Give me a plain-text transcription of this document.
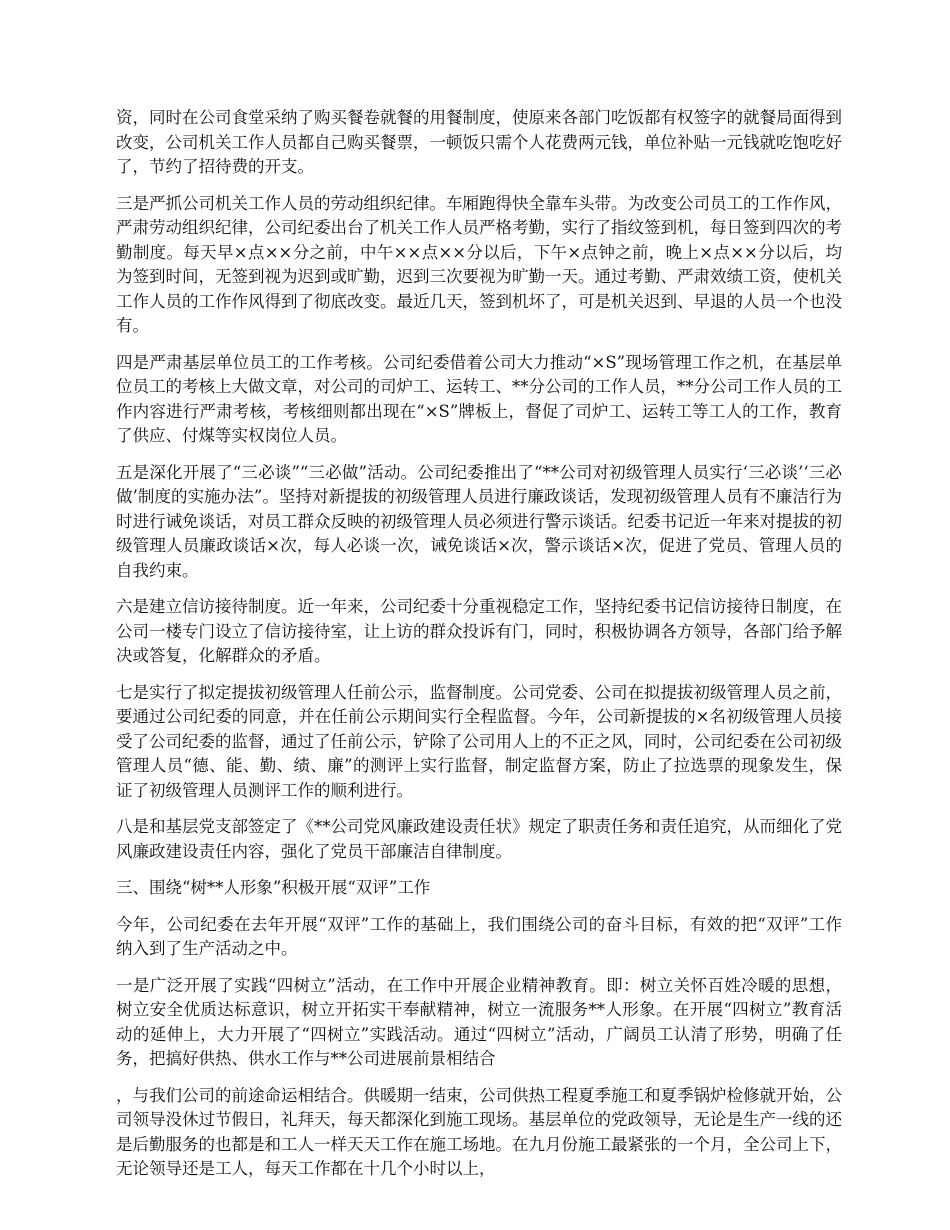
资，同时在公司食堂采纳了购买餐卷就餐的用餐制度，使原来各部门吃饭都有权签字的就餐局面得到改变，公司机关工作人员都自己购买餐票，一顿饭只需个人花费两元钱，单位补贴一元钱就吃饱吃好了，节约了招待费的开支。

三是严抓公司机关工作人员的劳动组织纪律。车厢跑得快全靠车头带。为改变公司员工的工作作风，严肃劳动组织纪律，公司纪委出台了机关工作人员严格考勤，实行了指纹签到机，每日签到四次的考勤制度。每天早×点××分之前，中午××点××分以后，下午×点钟之前，晚上×点××分以后，均为签到时间，无签到视为迟到或旷勤，迟到三次要视为旷勤一天。通过考勤、严肃效绩工资，使机关工作人员的工作作风得到了彻底改变。最近几天，签到机坏了，可是机关迟到、早退的人员一个也没有。

四是严肃基层单位员工的工作考核。公司纪委借着公司大力推动“×S”现场管理工作之机，在基层单位员工的考核上大做文章，对公司的司炉工、运转工、**分公司的工作人员，**分公司工作人员的工作内容进行严肃考核，考核细则都出现在“×S”牌板上，督促了司炉工、运转工等工人的工作，教育了供应、付煤等实权岗位人员。

五是深化开展了“三必谈”“三必做”活动。公司纪委推出了“**公司对初级管理人员实行‘三必谈’‘三必做’制度的实施办法”。坚持对新提拔的初级管理人员进行廉政谈话，发现初级管理人员有不廉洁行为时进行诫免谈话，对员工群众反映的初级管理人员必须进行警示谈话。纪委书记近一年来对提拔的初级管理人员廉政谈话×次，每人必谈一次，诫免谈话×次，警示谈话×次，促进了党员、管理人员的自我约束。

六是建立信访接待制度。近一年来，公司纪委十分重视稳定工作，坚持纪委书记信访接待日制度，在公司一楼专门设立了信访接待室，让上访的群众投诉有门，同时，积极协调各方领导，各部门给予解决或答复，化解群众的矛盾。

七是实行了拟定提拔初级管理人任前公示，监督制度。公司党委、公司在拟提拔初级管理人员之前，要通过公司纪委的同意，并在任前公示期间实行全程监督。今年，公司新提拔的×名初级管理人员接受了公司纪委的监督，通过了任前公示，铲除了公司用人上的不正之风，同时，公司纪委在公司初级管理人员“德、能、勤、绩、廉”的测评上实行监督，制定监督方案，防止了拉选票的现象发生，保证了初级管理人员测评工作的顺利进行。

八是和基层党支部签定了《**公司党风廉政建设责任状》规定了职责任务和责任追究，从而细化了党风廉政建设责任内容，强化了党员干部廉洁自律制度。

三、围绕“树**人形象”积极开展“双评”工作

今年，公司纪委在去年开展“双评”工作的基础上，我们围绕公司的奋斗目标，有效的把“双评”工作纳入到了生产活动之中。

一是广泛开展了实践“四树立”活动，在工作中开展企业精神教育。即：树立关怀百姓冷暖的思想，树立安全优质达标意识，树立开拓实干奉献精神，树立一流服务**人形象。在开展“四树立”教育活动的延伸上，大力开展了“四树立”实践活动。通过“四树立”活动，广阔员工认清了形势，明确了任务，把搞好供热、供水工作与**公司进展前景相结合

，与我们公司的前途命运相结合。供暖期一结束，公司供热工程夏季施工和夏季锅炉检修就开始，公司领导没休过节假日，礼拜天，每天都深化到施工现场。基层单位的党政领导，无论是生产一线的还是后勤服务的也都是和工人一样天天工作在施工场地。在九月份施工最紧张的一个月，全公司上下，无论领导还是工人，每天工作都在十几个小时以上，
